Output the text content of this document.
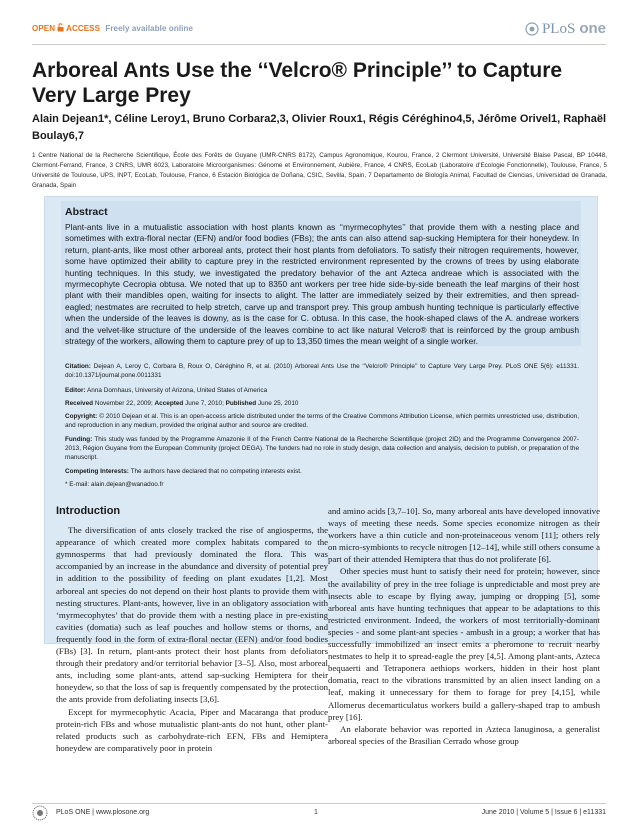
OPEN ACCESS Freely available online	PLoS one
Arboreal Ants Use the ‘‘Velcro® Principle’’ to Capture Very Large Prey
Alain Dejean1*, Céline Leroy1, Bruno Corbara2,3, Olivier Roux1, Régis Céréghino4,5, Jérôme Orivel1, Raphaël Boulay6,7
1 Centre National de la Recherche Scientifique, École des Forêts de Guyane (UMR-CNRS 8172), Campus Agronomique, Kourou, France, 2 Clermont Université, Université Blaise Pascal, BP 10448, Clermont-Ferrand, France, 3 CNRS, UMR 6023, Laboratoire Microorganismes: Génome et Environnement, Aubière, France, 4 CNRS, EcoLab (Laboratoire d'Ecologie Fonctionnelle), Toulouse, France, 5 Université de Toulouse, UPS, INPT, EcoLab, Toulouse, France, 6 Estación Biológica de Doñana, CSIC, Sevilla, Spain, 7 Departamento de Biología Animal, Facultad de Ciencias, Universidad de Granada, Granada, Spain
Abstract
Plant-ants live in a mutualistic association with host plants known as ‘‘myrmecophytes’’ that provide them with a nesting place and sometimes with extra-floral nectar (EFN) and/or food bodies (FBs); the ants can also attend sap-sucking Hemiptera for their honeydew. In return, plant-ants, like most other arboreal ants, protect their host plants from defoliators. To satisfy their nitrogen requirements, however, some have optimized their ability to capture prey in the restricted environment represented by the crowns of trees by using elaborate hunting techniques. In this study, we investigated the predatory behavior of the ant Azteca andreae which is associated with the myrmecophyte Cecropia obtusa. We noted that up to 8350 ant workers per tree hide side-by-side beneath the leaf margins of their host plant with their mandibles open, waiting for insects to alight. The latter are immediately seized by their extremities, and then spread-eagled; nestmates are recruited to help stretch, carve up and transport prey. This group ambush hunting technique is particularly effective when the underside of the leaves is downy, as is the case for C. obtusa. In this case, the hook-shaped claws of the A. andreae workers and the velvet-like structure of the underside of the leaves combine to act like natural Velcro® that is reinforced by the group ambush strategy of the workers, allowing them to capture prey of up to 13,350 times the mean weight of a single worker.
Citation: Dejean A, Leroy C, Corbara B, Roux O, Céréghino R, et al. (2010) Arboreal Ants Use the ‘‘Velcro® Principle’’ to Capture Very Large Prey. PLoS ONE 5(6): e11331. doi:10.1371/journal.pone.0011331
Editor: Anna Dornhaus, University of Arizona, United States of America
Received November 22, 2009; Accepted June 7, 2010; Published June 25, 2010
Copyright: © 2010 Dejean et al. This is an open-access article distributed under the terms of the Creative Commons Attribution License, which permits unrestricted use, distribution, and reproduction in any medium, provided the original author and source are credited.
Funding: This study was funded by the Programme Amazonie II of the French Centre National de la Recherche Scientifique (project 2ID) and the Programme Convergence 2007-2013, Région Guyane from the European Community (project DEGA). The funders had no role in study design, data collection and analysis, decision to publish, or preparation of the manuscript.
Competing Interests: The authors have declared that no competing interests exist.
* E-mail: alain.dejean@wanadoo.fr
Introduction

The diversification of ants closely tracked the rise of angiosperms, the appearance of which created more complex habitats compared to the gymnosperms that had previously dominated the flora. This was accompanied by an increase in the abundance and diversity of potential prey in addition to the possibility of feeding on plant exudates [1,2]. Most arboreal ant species do not depend on their host plants to provide them with nesting structures. Plant-ants, however, live in an obligatory association with ‘myrmecophytes’ that do provide them with a nesting place in pre-existing cavities (domatia) such as leaf pouches and hollow stems or thorns, and frequently food in the form of extra-floral nectar (EFN) and/or food bodies (FBs) [3]. In return, plant-ants protect their host plants from defoliators through their predatory and/or territorial behavior [3–5]. Also, most arboreal ants, including some plant-ants, attend sap-sucking Hemiptera for their honeydew, so that the loss of sap is frequently compensated by the protection the ants provide from defoliating insects [3,6].

Except for myrmecophytic Acacia, Piper and Macaranga that produce protein-rich FBs and whose mutualistic plant-ants do not hunt, other plant-related products such as carbohydrate-rich EFN, FBs and Hemiptera honeydew are comparatively poor in protein

and amino acids [3,7–10]. So, many arboreal ants have developed innovative ways of meeting these needs. Some species economize nitrogen as their workers have a thin cuticle and non-proteinaceous venom [11]; others rely on micro-symbionts to recycle nitrogen [12–14], while still others consume a part of their attended Hemiptera that thus do not proliferate [6].

Other species must hunt to satisfy their need for protein; however, since the availability of prey in the tree foliage is unpredictable and most prey are insects able to escape by flying away, jumping or dropping [5], some arboreal ants have hunting techniques that appear to be adaptations to this restricted environment. Indeed, the workers of most territorially-dominant species - and some plant-ant species - ambush in a group; a worker that has successfully immobilized an insect emits a pheromone to recruit nearby nestmates to help it to spread-eagle the prey [4,5]. Among plant-ants, Azteca bequaerti and Tetraponera aethiops workers, hidden in their host plant domatia, react to the vibrations transmitted by an alien insect landing on a leaf, making it unnecessary for them to forage for prey [4,15], while Allomerus decemarticulatus workers build a gallery-shaped trap to ambush prey [16].

An elaborate behavior was reported in Azteca lanuginosa, a generalist arboreal species of the Brasilian Cerrado whose group

PLoS ONE | www.plosone.org	1	June 2010 | Volume 5 | Issue 6 | e11331
